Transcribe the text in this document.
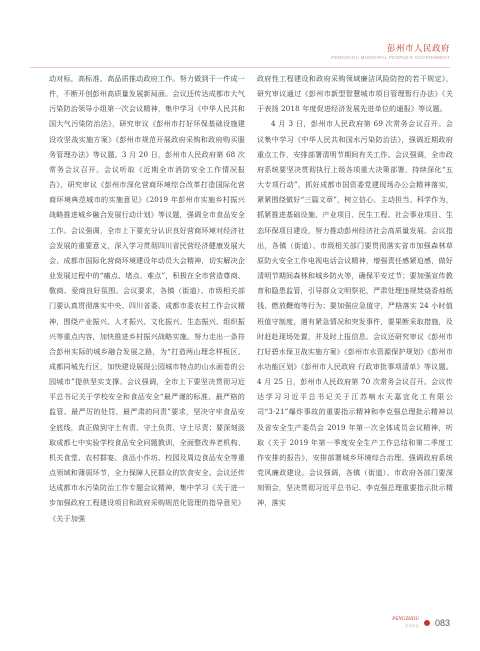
彭州市人民政府
PENGZHOU MUNICIPAL PEOPLE'S GOVERNMENT

动对标，高标准、高品质推动政府工作。努力做到干一件成一件，不断开创彭州高质量发展新局面。会议还传达成都市大气污染防治领导小组第一次会议精神，集中学习《中华人民共和国大气污染防治法》，研究审议《彭州市打好环保基础设施建设攻坚战实施方案》《彭州市规范开展政府采购和政府购买服务管理办法》等议题。3 月 20 日，彭州市人民政府第 68 次常务会议召开。会议听取《近期全市消防安全工作情况报告》，研究审议《彭州市深化营商环境综合改革打造国际化营商环境典范城市的实施意见》《2019 年彭州市实施乡村振兴战略推进城乡融合发展行动计划》等议题，强调全市食品安全工作。会议强调，全市上下要充分认识良好营商环境对经济社会发展的重要意义，深入学习贯彻四川省民营经济健康发展大会、成都市国际化营商环境建设年动员大会精神，切实解决企业发展过程中的“痛点、堵点、难点”，积极在全市营造尊商、敬商、爱商良好氛围。会议要求，各镇（街道）、市级相关部门要认真贯彻落实中央、四川省委、成都市委农村工作会议精神，围绕产业振兴、人才振兴、文化振兴、生态振兴、组织振兴等重点内容，加快推进乡村振兴战略实施。努力走出一条符合彭州实际的城乡融合发展之路，为“打造两山理念样板区、成都同城先行区，加快建设展现公园城市特点的山水画卷的公园城市”提供坚实支撑。会议强调，全市上下要坚决贯彻习近平总书记关于学校安全和食品安全“最严谨的标准、最严格的监管、最严厉的处罚、最严肃的问责”要求，坚决守牢食品安全底线，真正做到守土有责、守土负责、守土尽责；要深刻汲取成都七中实验学校食品安全问题教训，全面整改养老机构、机关食堂、农村群宴、食品小作坊、校园及周边食品安全等重点领域和薄弱环节，全力保障人民群众的饮食安全。会议还传达成都市水污染防治工作专题会议精神，集中学习《关于进一步加强政府工程建设项目和政府采购规范化管理的指导意见》《关于加强

政府性工程建设和政府采购领域廉洁风险防控的若干规定》，研究审议通过《彭州市新型智慧城市项目管理暂行办法》《关于表扬 2018 年度促进经济发展先进单位的通报》等议题。

4 月 3 日，彭州市人民政府第 69 次常务会议召开。会议集中学习《中华人民共和国水污染防治法》，强调近期政府重点工作，安排部署清明节期间有关工作。会议强调，全市政府系统要坚决贯彻执行上级各项重大决策部署，持续深化“五大专项行动”，抓好成都市国资委党建现场办公会精神落实，紧紧围绕做好“三篇文章”，树立信心、主动担当、科学作为，抓紧推进基础设施、产业项目、民生工程、社会事业项目、生态环保项目建设，努力推动彭州经济社会高质量发展。会议指出，各镇（街道）、市级相关部门要贯彻落实省市加强森林草原防火安全工作电视电话会议精神，增强责任感紧迫感，做好清明节期间森林和城乡防火等，确保平安过节；要加强宣传教育和隐患监管，引导群众文明祭祀，严肃处理违规焚烧香烛纸钱、燃放鞭炮等行为；要加强应急值守，严格落实 24 小时值班值守制度，遇有紧急情况和突发事件，要果断采取措施，及时赶赴现场处置，并及时上报信息。会议还研究审议《彭州市打好碧水保卫战实施方案》《彭州市水资源保护规划》《彭州市水功能区划》《彭州市人民政府 行政审批事项清单》等议题。4 月 25 日，彭州市人民政府第 70 次常务会议召开。会议传达学习习近平总书记关于江苏响水天嘉宜化工有限公司“3·21”爆炸事故的重要指示精神和李克强总理批示精神以及省安全生产委员会 2019 年第一次全体成员会议精神，听取《关于 2019 年第一季度安全生产工作总结和第二季度工作安排的报告》，安排部署城乡环境综合治理、强调政府系统党风廉政建设。会议强调，各镇（街道）、市政府各部门要深刻领会，坚决贯彻习近平总书记、李克强总理重要指示批示精神，落实

PENGZHOU
彭州年鉴 083
